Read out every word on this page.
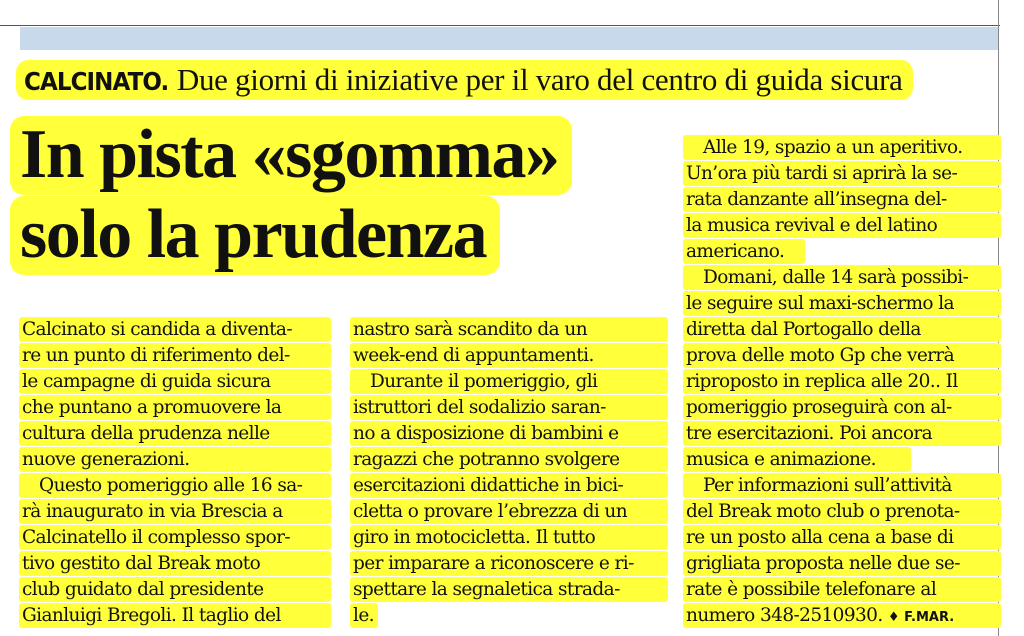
CALCINATO. Due giorni di iniziative per il varo del centro di guida sicura
In pista «sgomma»
solo la prudenza
Calcinato si candida a diventa-
re un punto di riferimento del-
le campagne di guida sicura
che puntano a promuovere la
cultura della prudenza nelle
nuove generazioni.
Questo pomeriggio alle 16 sa-
rà inaugurato in via Brescia a
Calcinatello il complesso spor-
tivo gestito dal Break moto
club guidato dal presidente
Gianluigi Bregoli. Il taglio del
nastro sarà scandito da un
week-end di appuntamenti.
Durante il pomeriggio, gli
istruttori del sodalizio saran-
no a disposizione di bambini e
ragazzi che potranno svolgere
esercitazioni didattiche in bici-
cletta o provare l’ebrezza di un
giro in motocicletta. Il tutto
per imparare a riconoscere e ri-
spettare la segnaletica strada-
le.
Alle 19, spazio a un aperitivo.
Un’ora più tardi si aprirà la se-
rata danzante all’insegna del-
la musica revival e del latino
americano.
Domani, dalle 14 sarà possibi-
le seguire sul maxi-schermo la
diretta dal Portogallo della
prova delle moto Gp che verrà
riproposto in replica alle 20.. Il
pomeriggio proseguirà con al-
tre esercitazioni. Poi ancora
musica e animazione.
Per informazioni sull’attività
del Break moto club o prenota-
re un posto alla cena a base di
grigliata proposta nelle due se-
rate è possibile telefonare al
numero 348-2510930. ♦ F.MAR.
